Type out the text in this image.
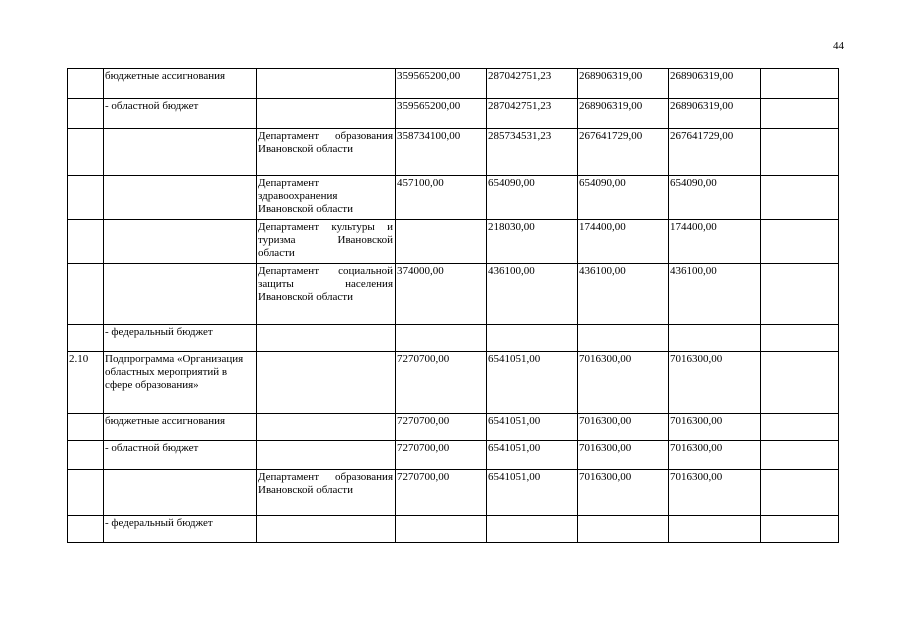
44
	бюджетные ассигнования		359565200,00	287042751,23	268906319,00	268906319,00	
	- областной бюджет		359565200,00	287042751,23	268906319,00	268906319,00	
		Департамент образования Ивановской области	358734100,00	285734531,23	267641729,00	267641729,00	
		Департамент здравоохранения Ивановской области	457100,00	654090,00	654090,00	654090,00	
		Департамент культуры и туризма Ивановской области		218030,00	174400,00	174400,00	
		Департамент социальной защиты населения Ивановской области	374000,00	436100,00	436100,00	436100,00	
	- федеральный бюджет						
2.10	Подпрограмма «Организация областных мероприятий в сфере образования»		7270700,00	6541051,00	7016300,00	7016300,00	
	бюджетные ассигнования		7270700,00	6541051,00	7016300,00	7016300,00	
	- областной бюджет		7270700,00	6541051,00	7016300,00	7016300,00	
		Департамент образования Ивановской области	7270700,00	6541051,00	7016300,00	7016300,00	
	- федеральный бюджет						
